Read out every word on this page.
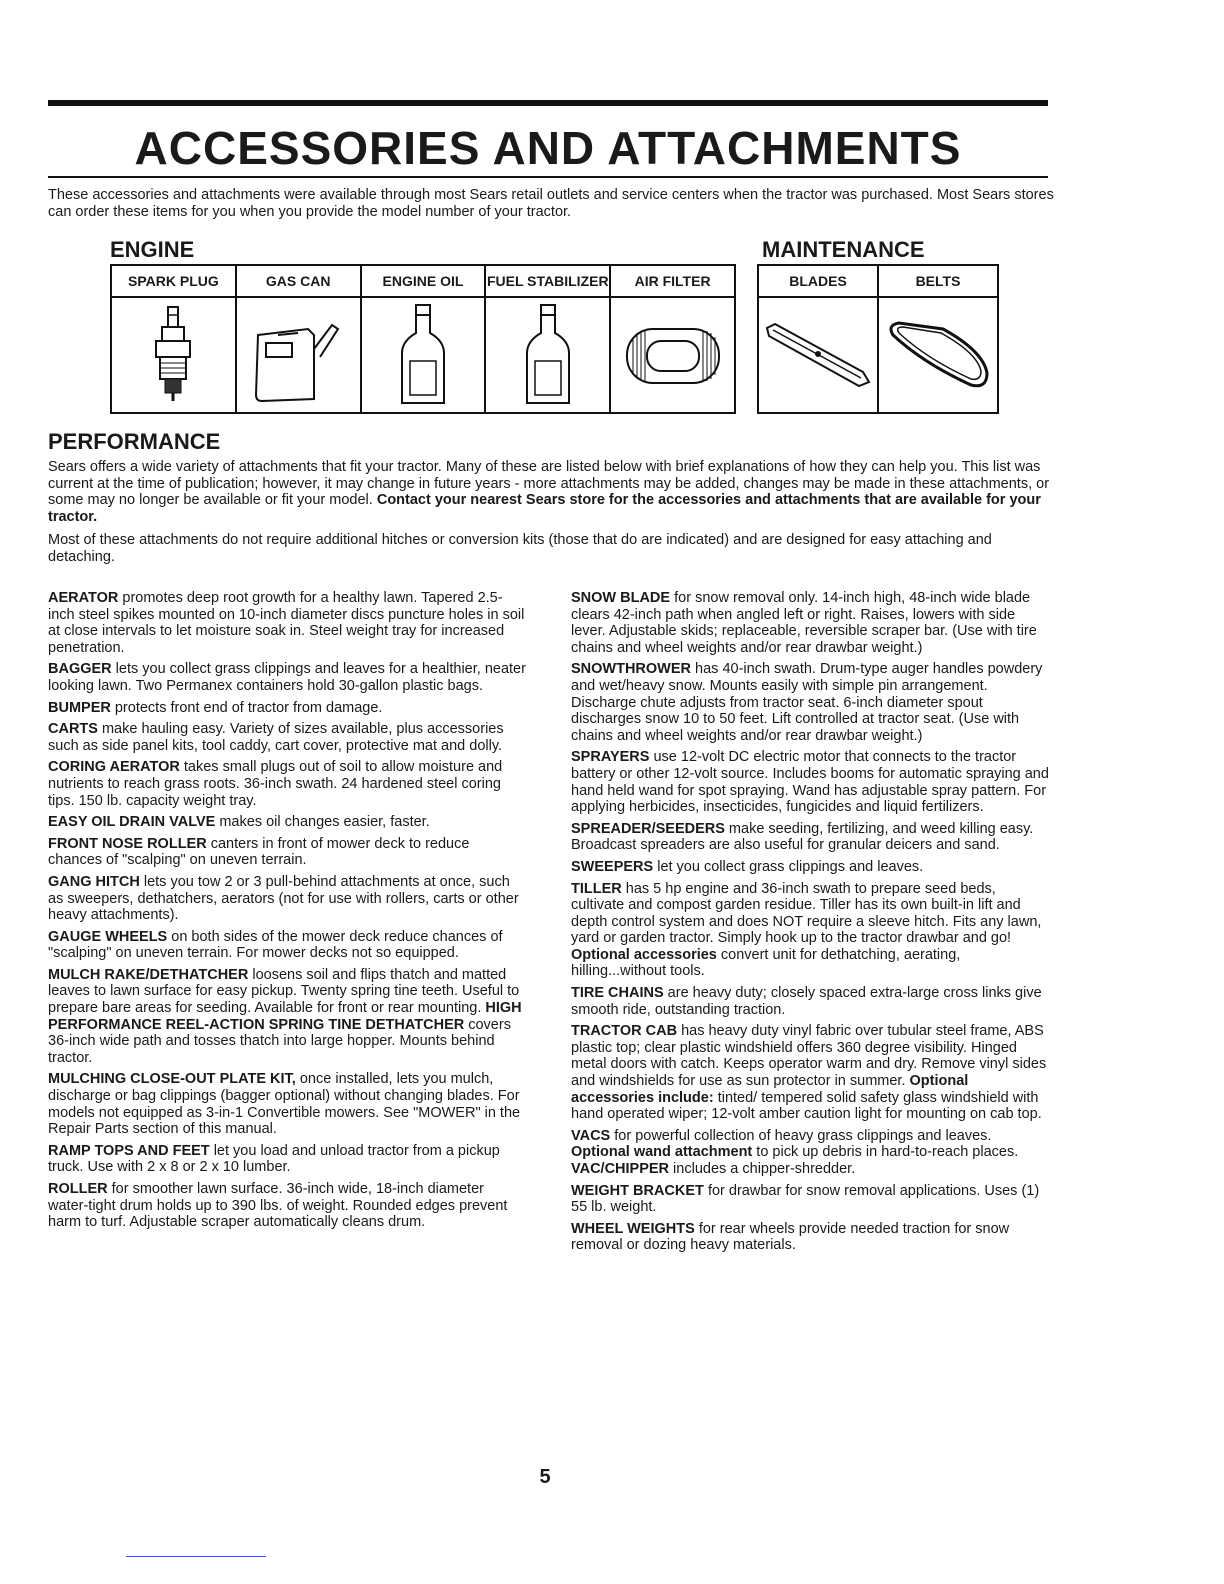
ACCESSORIES AND ATTACHMENTS

These accessories and attachments were available through most Sears retail outlets and service centers when the tractor was purchased. Most Sears stores can order these items for you when you provide the model number of your tractor.

ENGINE	MAINTENANCE
SPARK PLUG	GAS CAN	ENGINE OIL	FUEL STABILIZER	AIR FILTER	BLADES	BELTS
PERFORMANCE

Sears offers a wide variety of attachments that fit your tractor. Many of these are listed below with brief explanations of how they can help you. This list was current at the time of publication; however, it may change in future years - more attachments may be added, changes may be made in these attachments, or some may no longer be available or fit your model. Contact your nearest Sears store for the accessories and attachments that are available for your tractor.

Most of these attachments do not require additional hitches or conversion kits (those that do are indicated) and are designed for easy attaching and detaching.

AERATOR promotes deep root growth for a healthy lawn. Tapered 2.5-inch steel spikes mounted on 10-inch diameter discs puncture holes in soil at close intervals to let moisture soak in. Steel weight tray for increased penetration.

BAGGER lets you collect grass clippings and leaves for a healthier, neater looking lawn. Two Permanex containers hold 30-gallon plastic bags.

BUMPER protects front end of tractor from damage.

CARTS make hauling easy. Variety of sizes available, plus accessories such as side panel kits, tool caddy, cart cover, protective mat and dolly.

CORING AERATOR takes small plugs out of soil to allow moisture and nutrients to reach grass roots. 36-inch swath. 24 hardened steel coring tips. 150 lb. capacity weight tray.

EASY OIL DRAIN VALVE makes oil changes easier, faster.

FRONT NOSE ROLLER canters in front of mower deck to reduce chances of "scalping" on uneven terrain.

GANG HITCH lets you tow 2 or 3 pull-behind attachments at once, such as sweepers, dethatchers, aerators (not for use with rollers, carts or other heavy attachments).

GAUGE WHEELS on both sides of the mower deck reduce chances of "scalping" on uneven terrain. For mower decks not so equipped.

MULCH RAKE/DETHATCHER loosens soil and flips thatch and matted leaves to lawn surface for easy pickup. Twenty spring tine teeth. Useful to prepare bare areas for seeding. Available for front or rear mounting. HIGH PERFORMANCE REEL-ACTION SPRING TINE DETHATCHER covers 36-inch wide path and tosses thatch into large hopper. Mounts behind tractor.

MULCHING CLOSE-OUT PLATE KIT, once installed, lets you mulch, discharge or bag clippings (bagger optional) without changing blades. For models not equipped as 3-in-1 Convertible mowers. See "MOWER" in the Repair Parts section of this manual.

RAMP TOPS AND FEET let you load and unload tractor from a pickup truck. Use with 2 x 8 or 2 x 10 lumber.

ROLLER for smoother lawn surface. 36-inch wide, 18-inch diameter water-tight drum holds up to 390 lbs. of weight. Rounded edges prevent harm to turf. Adjustable scraper automatically cleans drum.

SNOW BLADE for snow removal only. 14-inch high, 48-inch wide blade clears 42-inch path when angled left or right. Raises, lowers with side lever. Adjustable skids; replaceable, reversible scraper bar. (Use with tire chains and wheel weights and/or rear drawbar weight.)

SNOWTHROWER has 40-inch swath. Drum-type auger handles powdery and wet/heavy snow. Mounts easily with simple pin arrangement. Discharge chute adjusts from tractor seat. 6-inch diameter spout discharges snow 10 to 50 feet. Lift controlled at tractor seat. (Use with chains and wheel weights and/or rear drawbar weight.)

SPRAYERS use 12-volt DC electric motor that connects to the tractor battery or other 12-volt source. Includes booms for automatic spraying and hand held wand for spot spraying. Wand has adjustable spray pattern. For applying herbicides, insecticides, fungicides and liquid fertilizers.

SPREADER/SEEDERS make seeding, fertilizing, and weed killing easy. Broadcast spreaders are also useful for granular deicers and sand.

SWEEPERS let you collect grass clippings and leaves.

TILLER has 5 hp engine and 36-inch swath to prepare seed beds, cultivate and compost garden residue. Tiller has its own built-in lift and depth control system and does NOT require a sleeve hitch. Fits any lawn, yard or garden tractor. Simply hook up to the tractor drawbar and go! Optional accessories convert unit for dethatching, aerating, hilling...without tools.

TIRE CHAINS are heavy duty; closely spaced extra-large cross links give smooth ride, outstanding traction.

TRACTOR CAB has heavy duty vinyl fabric over tubular steel frame, ABS plastic top; clear plastic windshield offers 360 degree visibility. Hinged metal doors with catch. Keeps operator warm and dry. Remove vinyl sides and windshields for use as sun protector in summer. Optional accessories include: tinted/ tempered solid safety glass windshield with hand operated wiper; 12-volt amber caution light for mounting on cab top.

VACS for powerful collection of heavy grass clippings and leaves. Optional wand attachment to pick up debris in hard-to-reach places. VAC/CHIPPER includes a chipper-shredder.

WEIGHT BRACKET for drawbar for snow removal applications. Uses (1) 55 lb. weight.

WHEEL WEIGHTS for rear wheels provide needed traction for snow removal or dozing heavy materials.

5
